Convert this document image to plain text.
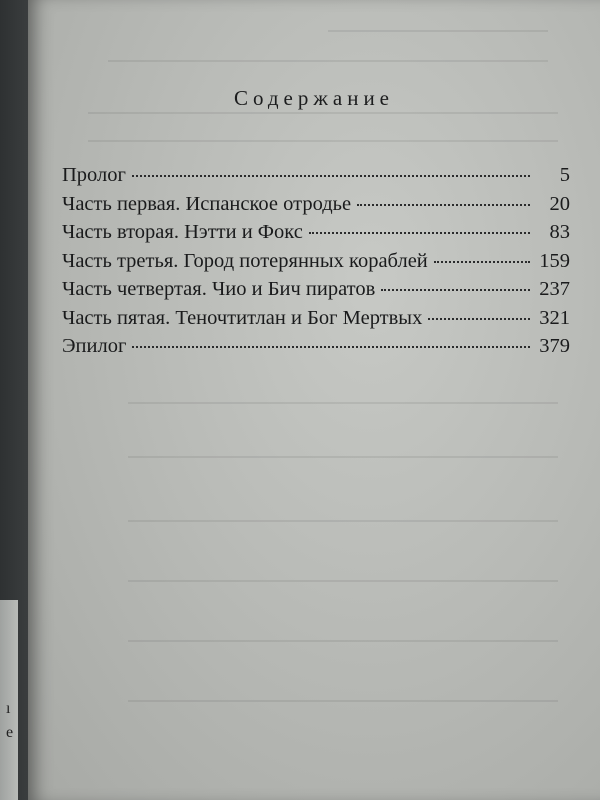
ı
e
Содержание
Пролог	5
Часть первая. Испанское отродье	20
Часть вторая. Нэтти и Фокс	83
Часть третья. Город потерянных кораблей	159
Часть четвертая. Чио и Бич пиратов	237
Часть пятая. Теночтитлан и Бог Мертвых	321
Эпилог	379
